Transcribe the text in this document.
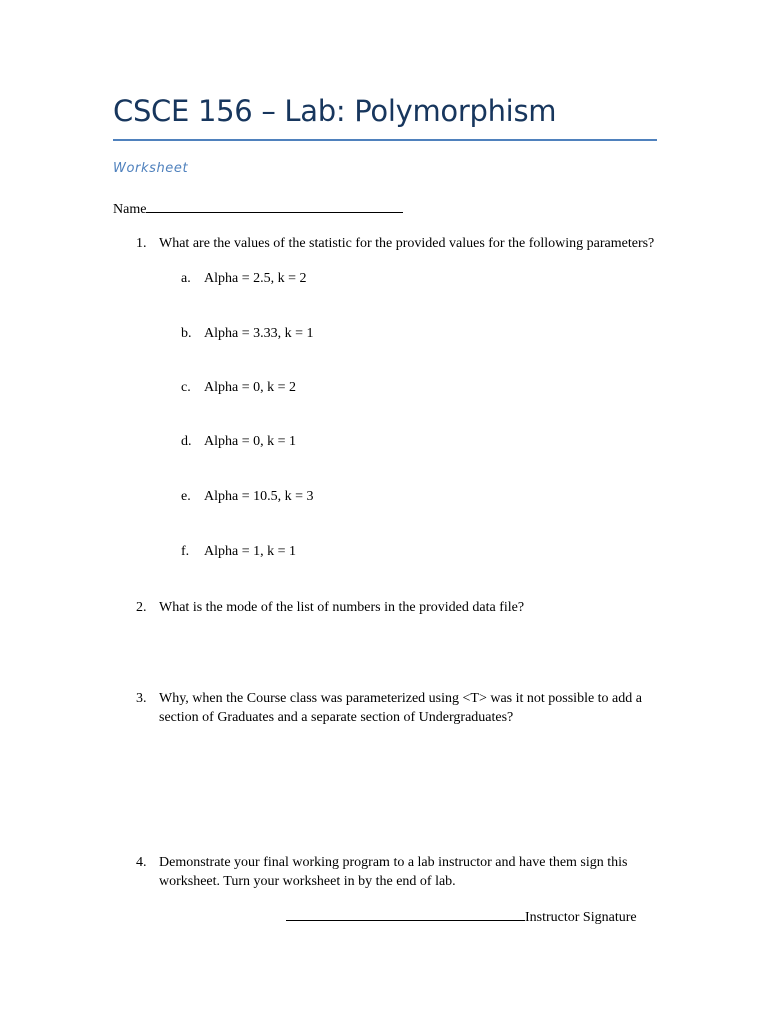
CSCE 156 – Lab: Polymorphism
Worksheet
Name
1. What are the values of the statistic for the provided values for the following parameters?
a. Alpha = 2.5, k = 2
b. Alpha = 3.33, k = 1
c. Alpha = 0, k = 2
d. Alpha = 0, k = 1
e. Alpha = 10.5, k = 3
f. Alpha = 1, k = 1
2. What is the mode of the list of numbers in the provided data file?
3. Why, when the Course class was parameterized using <T> was it not possible to add a section of Graduates and a separate section of Undergraduates?
4. Demonstrate your final working program to a lab instructor and have them sign this worksheet. Turn your worksheet in by the end of lab.
Instructor Signature
